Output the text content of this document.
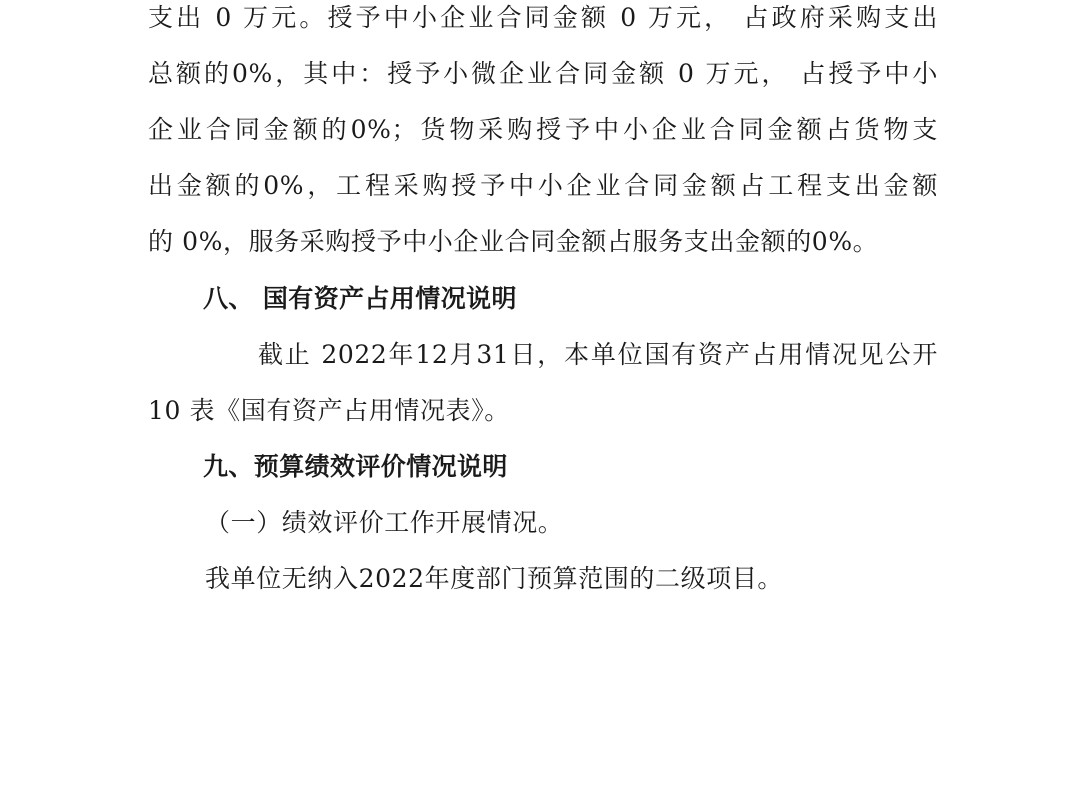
支出 0 万元。授予中小企业合同金额 0 万元， 占政府采购支出
总额的0%，其中：授予小微企业合同金额 0 万元， 占授予中小
企业合同金额的0%；货物采购授予中小企业合同金额占货物支
出金额的0%，工程采购授予中小企业合同金额占工程支出金额
的 0%，服务采购授予中小企业合同金额占服务支出金额的0%。
八、 国有资产占用情况说明
截止 2022年12月31日，本单位国有资产占用情况见公开
10 表《国有资产占用情况表》。
九、预算绩效评价情况说明
（一）绩效评价工作开展情况。
我单位无纳入2022年度部门预算范围的二级项目。
